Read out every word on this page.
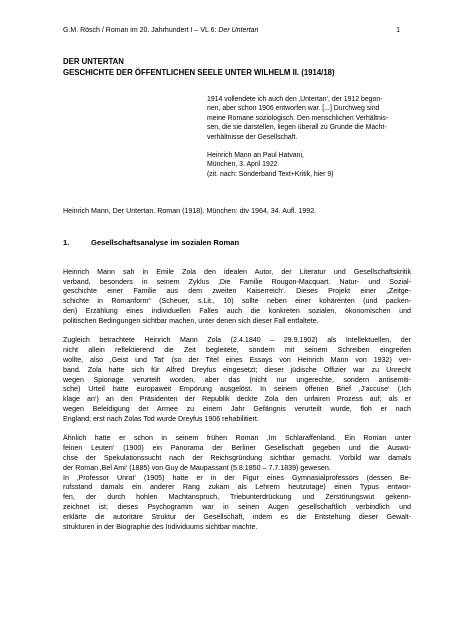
G.M. Rösch / Roman im 20. Jahrhundert I – VL 6: Der Untertan	1
DER UNTERTAN
GESCHICHTE DER ÖFFENTLICHEN SEELE UNTER WILHELM II. (1914/18)

1914 vollendete ich auch den ‚Untertan‘, der 1912 begon-
nen, aber schon 1906 entworfen war. [...] Durchweg sind
meine Romane soziologisch. Den menschlichen Verhältnis-
sen, die sie darstellen, liegen überall zu Grunde die Macht-
verhältnisse der Gesellschaft.

Heinrich Mann an Paul Hatvani,
München, 3. April 1922
(zit. nach: Sonderband Text+Kritik, hier 9)

Heinrich Mann, Der Untertan. Roman (1918). München: dtv 1964, 34. Aufl. 1992.

1.	Gesellschaftsanalyse im sozialen Roman

Heinrich Mann sah in Emile Zola den idealen Autor, der Literatur und Gesellschaftskritik
verband, besonders in seinem Zyklus ‚Die Familie Rougon-Macquart. Natur- und Sozial-
geschichte einer Familie aus dem zweiten Kaiserreich‘. Dieses Projekt einer „Zeitge-
schichte in Romanform“ (Scheuer, s.Lit., 10) sollte neben einer kohärenten (und packen-
den) Erzählung eines individuellen Falles auch die konkreten sozialen, ökonomischen und
politischen Bedingungen sichtbar machen, unter denen sich dieser Fall entfaltete.

Zugleich betrachtete Heinrich Mann Zola (2.4.1840 – 29.9.1902) als Intellektuellen, der
nicht allein reflektierend die Zeit begleitete, sondern mit seinem Schreiben eingreifen
wollte, also ‚Geist und Tat‘ (so der Titel eines Essays von Heinrich Mann von 1932) ver-
band. Zola hatte sich für Alfred Dreyfus eingesetzt; dieser jüdische Offizier war zu Unrecht
wegen Spionage verurteilt worden, aber das (nicht nur ungerechte, sondern antisemiti-
sche) Urteil hatte europaweit Empörung ausgelöst. In seinem offenen Brief ‚J’accuse‘ (‚Ich
klage an‘) an den Präsidenten der Republik deckte Zola den unfairen Prozess auf; als er
wegen Beleidigung der Armee zu einem Jahr Gefängnis verurteilt wurde, floh er nach
England; erst nach Zolas Tod wurde Dreyfus 1906 rehabilitiert.

Ähnlich hatte er schon in seinem frühen Roman ‚Im Schlaraffenland. Ein Roman unter
feinen Leuten‘ (1900) ein Panorama der Berliner Gesellschaft gegeben und die Auswü-
chse der Spekulationssucht nach der Reichsgründung sichtbar gemacht. Vorbild war damals
der Roman ‚Bel Ami‘ (1885) von Guy de Maupassant (5.8.1850 – 7.7.1839) gewesen.
In ‚Professor Unrat‘ (1905) hatte er in der Figur eines Gymnasialprofessors (dessen Be-
rufsstand damals ein anderer Rang zukam als Lehrern heutzutage) einen Typus entwor-
fen, der durch hohlen Machtanspruch, Triebunterdrückung und Zerstörungswut gekenn-
zeichnet ist; dieses Psychogramm war in seinen Augen gesellschaftlich verbindlich und
erklärte die autoritäre Struktur der Gesellschaft, indem es die Entstehung dieser Gewalt-
strukturen in der Biographie des Individuums sichtbar machte.
